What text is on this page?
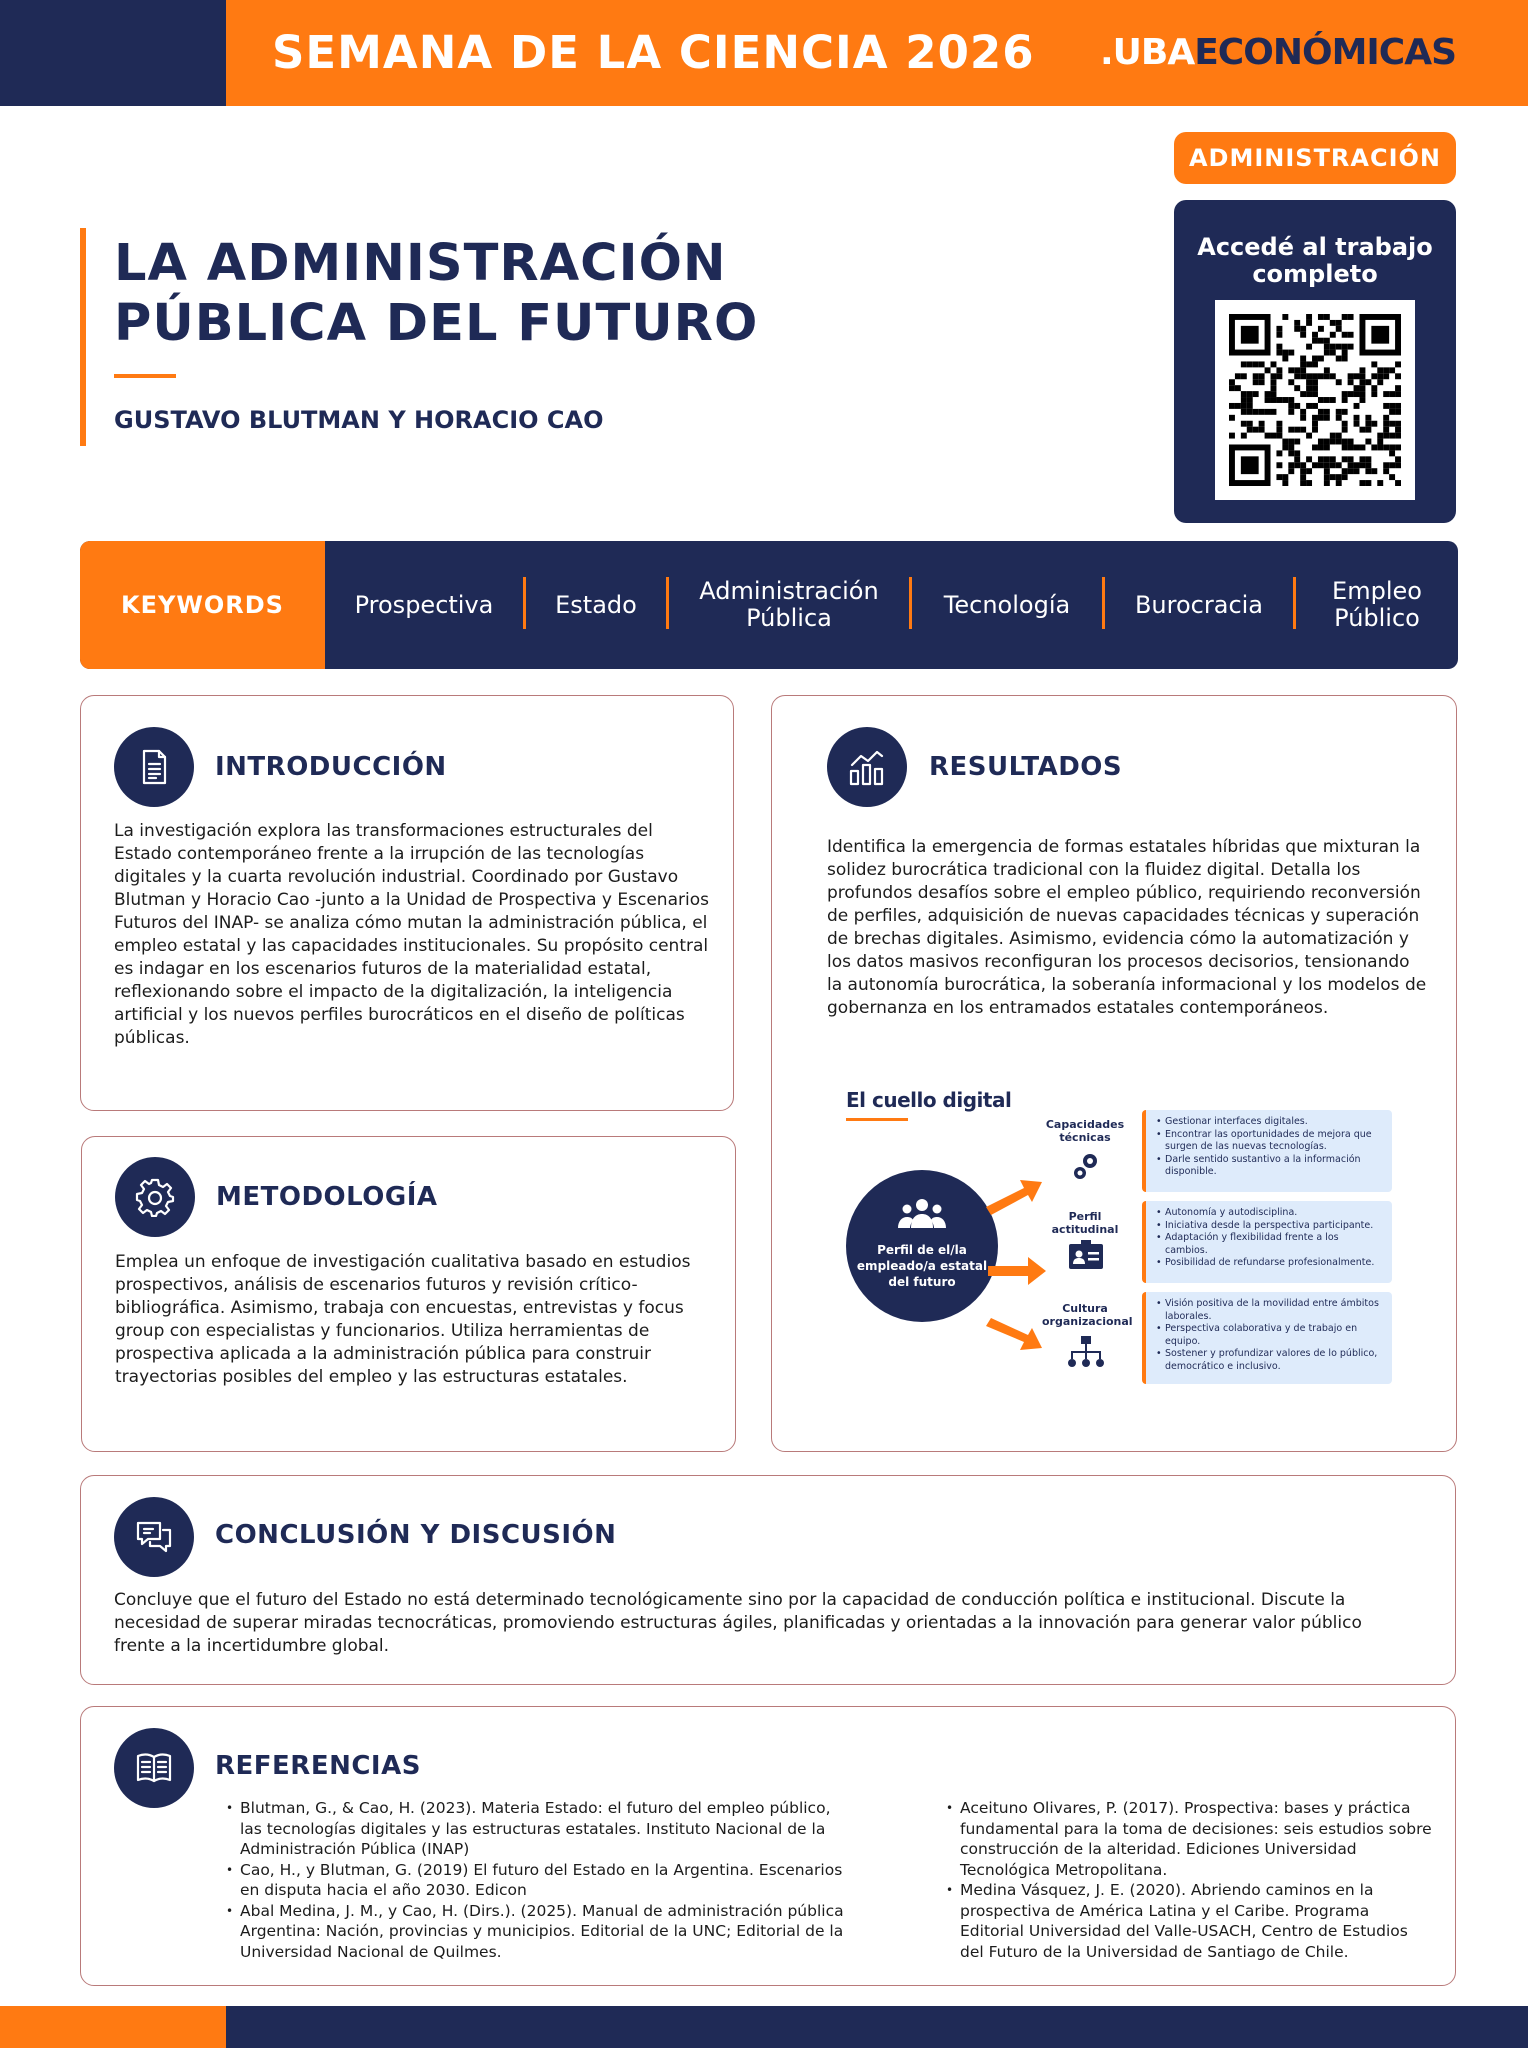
SEMANA DE LA CIENCIA 2026 .UBAECONÓMICAS
LA ADMINISTRACIÓN
PÚBLICA DEL FUTURO
GUSTAVO BLUTMAN Y HORACIO CAO
ADMINISTRACIÓN
Accedé al trabajo completo
KEYWORDS	Prospectiva	Estado	Administración Pública	Tecnología	Burocracia	Empleo Público
INTRODUCCIÓN
La investigación explora las transformaciones estructurales del Estado contemporáneo frente a la irrupción de las tecnologías digitales y la cuarta revolución industrial. Coordinado por Gustavo Blutman y Horacio Cao -junto a la Unidad de Prospectiva y Escenarios Futuros del INAP- se analiza cómo mutan la administración pública, el empleo estatal y las capacidades institucionales. Su propósito central es indagar en los escenarios futuros de la materialidad estatal, reflexionando sobre el impacto de la digitalización, la inteligencia artificial y los nuevos perfiles burocráticos en el diseño de políticas públicas.
METODOLOGÍA
Emplea un enfoque de investigación cualitativa basado en estudios prospectivos, análisis de escenarios futuros y revisión crítico-bibliográfica. Asimismo, trabaja con encuestas, entrevistas y focus group con especialistas y funcionarios. Utiliza herramientas de prospectiva aplicada a la administración pública para construir trayectorias posibles del empleo y las estructuras estatales.
RESULTADOS
Identifica la emergencia de formas estatales híbridas que mixturan la solidez burocrática tradicional con la fluidez digital. Detalla los profundos desafíos sobre el empleo público, requiriendo reconversión de perfiles, adquisición de nuevas capacidades técnicas y superación de brechas digitales. Asimismo, evidencia cómo la automatización y los datos masivos reconfiguran los procesos decisorios, tensionando la autonomía burocrática, la soberanía informacional y los modelos de gobernanza en los entramados estatales contemporáneos.
El cuello digital
Perfil de el/la empleado/a estatal del futuro
Capacidades técnicas
Perfil actitudinal
Cultura organizacional
• Gestionar interfaces digitales.
• Encontrar las oportunidades de mejora que surgen de las nuevas tecnologías.
• Darle sentido sustantivo a la información disponible.
• Autonomía y autodisciplina.
• Iniciativa desde la perspectiva participante.
• Adaptación y flexibilidad frente a los cambios.
• Posibilidad de refundarse profesionalmente.
• Visión positiva de la movilidad entre ámbitos laborales.
• Perspectiva colaborativa y de trabajo en equipo.
• Sostener y profundizar valores de lo público, democrático e inclusivo.
CONCLUSIÓN Y DISCUSIÓN
Concluye que el futuro del Estado no está determinado tecnológicamente sino por la capacidad de conducción política e institucional. Discute la necesidad de superar miradas tecnocráticas, promoviendo estructuras ágiles, planificadas y orientadas a la innovación para generar valor público frente a la incertidumbre global.
REFERENCIAS
• Blutman, G., & Cao, H. (2023). Materia Estado: el futuro del empleo público, las tecnologías digitales y las estructuras estatales. Instituto Nacional de la Administración Pública (INAP)
• Cao, H., y Blutman, G. (2019) El futuro del Estado en la Argentina. Escenarios en disputa hacia el año 2030. Edicon
• Abal Medina, J. M., y Cao, H. (Dirs.). (2025). Manual de administración pública Argentina: Nación, provincias y municipios. Editorial de la UNC; Editorial de la Universidad Nacional de Quilmes.
• Aceituno Olivares, P. (2017). Prospectiva: bases y práctica fundamental para la toma de decisiones: seis estudios sobre construcción de la alteridad. Ediciones Universidad Tecnológica Metropolitana.
• Medina Vásquez, J. E. (2020). Abriendo caminos en la prospectiva de América Latina y el Caribe. Programa Editorial Universidad del Valle-USACH, Centro de Estudios del Futuro de la Universidad de Santiago de Chile.
